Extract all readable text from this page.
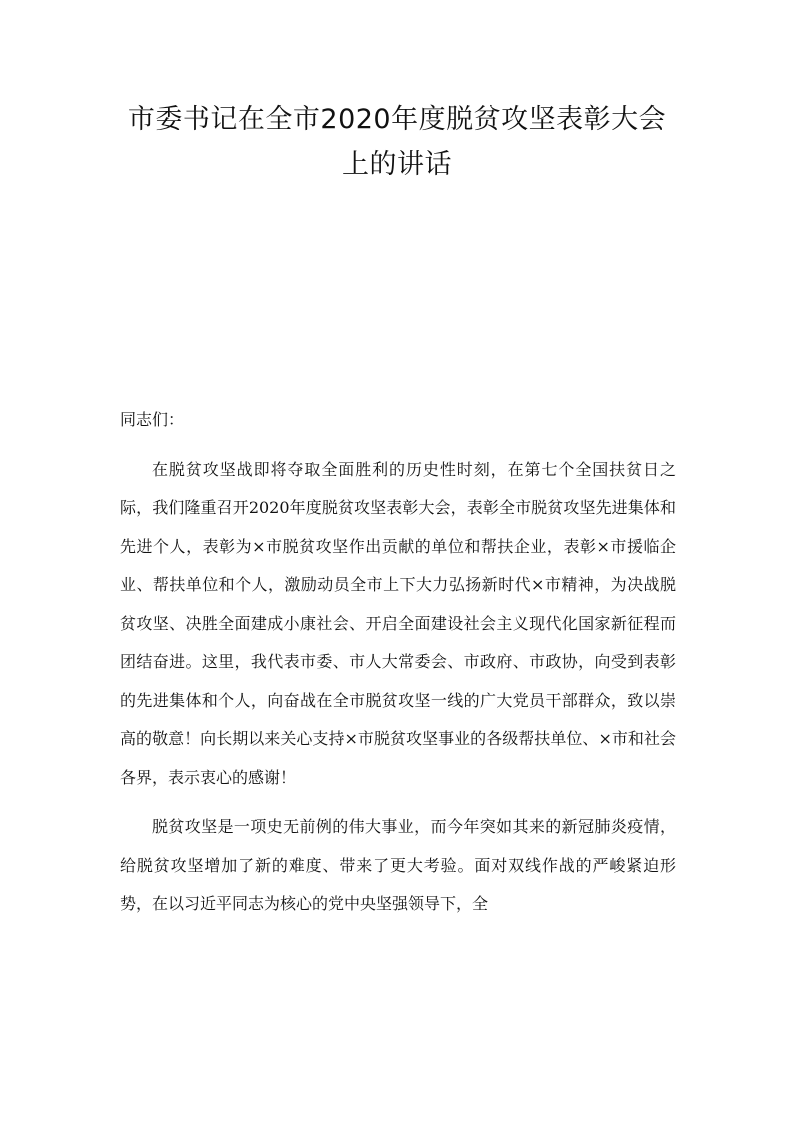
市委书记在全市2020年度脱贫攻坚表彰大会上的讲话

同志们：

在脱贫攻坚战即将夺取全面胜利的历史性时刻，在第七个全国扶贫日之际，我们隆重召开2020年度脱贫攻坚表彰大会，表彰全市脱贫攻坚先进集体和先进个人，表彰为×市脱贫攻坚作出贡献的单位和帮扶企业，表彰×市援临企业、帮扶单位和个人，激励动员全市上下大力弘扬新时代×市精神，为决战脱贫攻坚、决胜全面建成小康社会、开启全面建设社会主义现代化国家新征程而团结奋进。这里，我代表市委、市人大常委会、市政府、市政协，向受到表彰的先进集体和个人，向奋战在全市脱贫攻坚一线的广大党员干部群众，致以崇高的敬意！向长期以来关心支持×市脱贫攻坚事业的各级帮扶单位、×市和社会各界，表示衷心的感谢！

脱贫攻坚是一项史无前例的伟大事业，而今年突如其来的新冠肺炎疫情，给脱贫攻坚增加了新的难度、带来了更大考验。面对双线作战的严峻紧迫形势，在以习近平同志为核心的党中央坚强领导下，全
